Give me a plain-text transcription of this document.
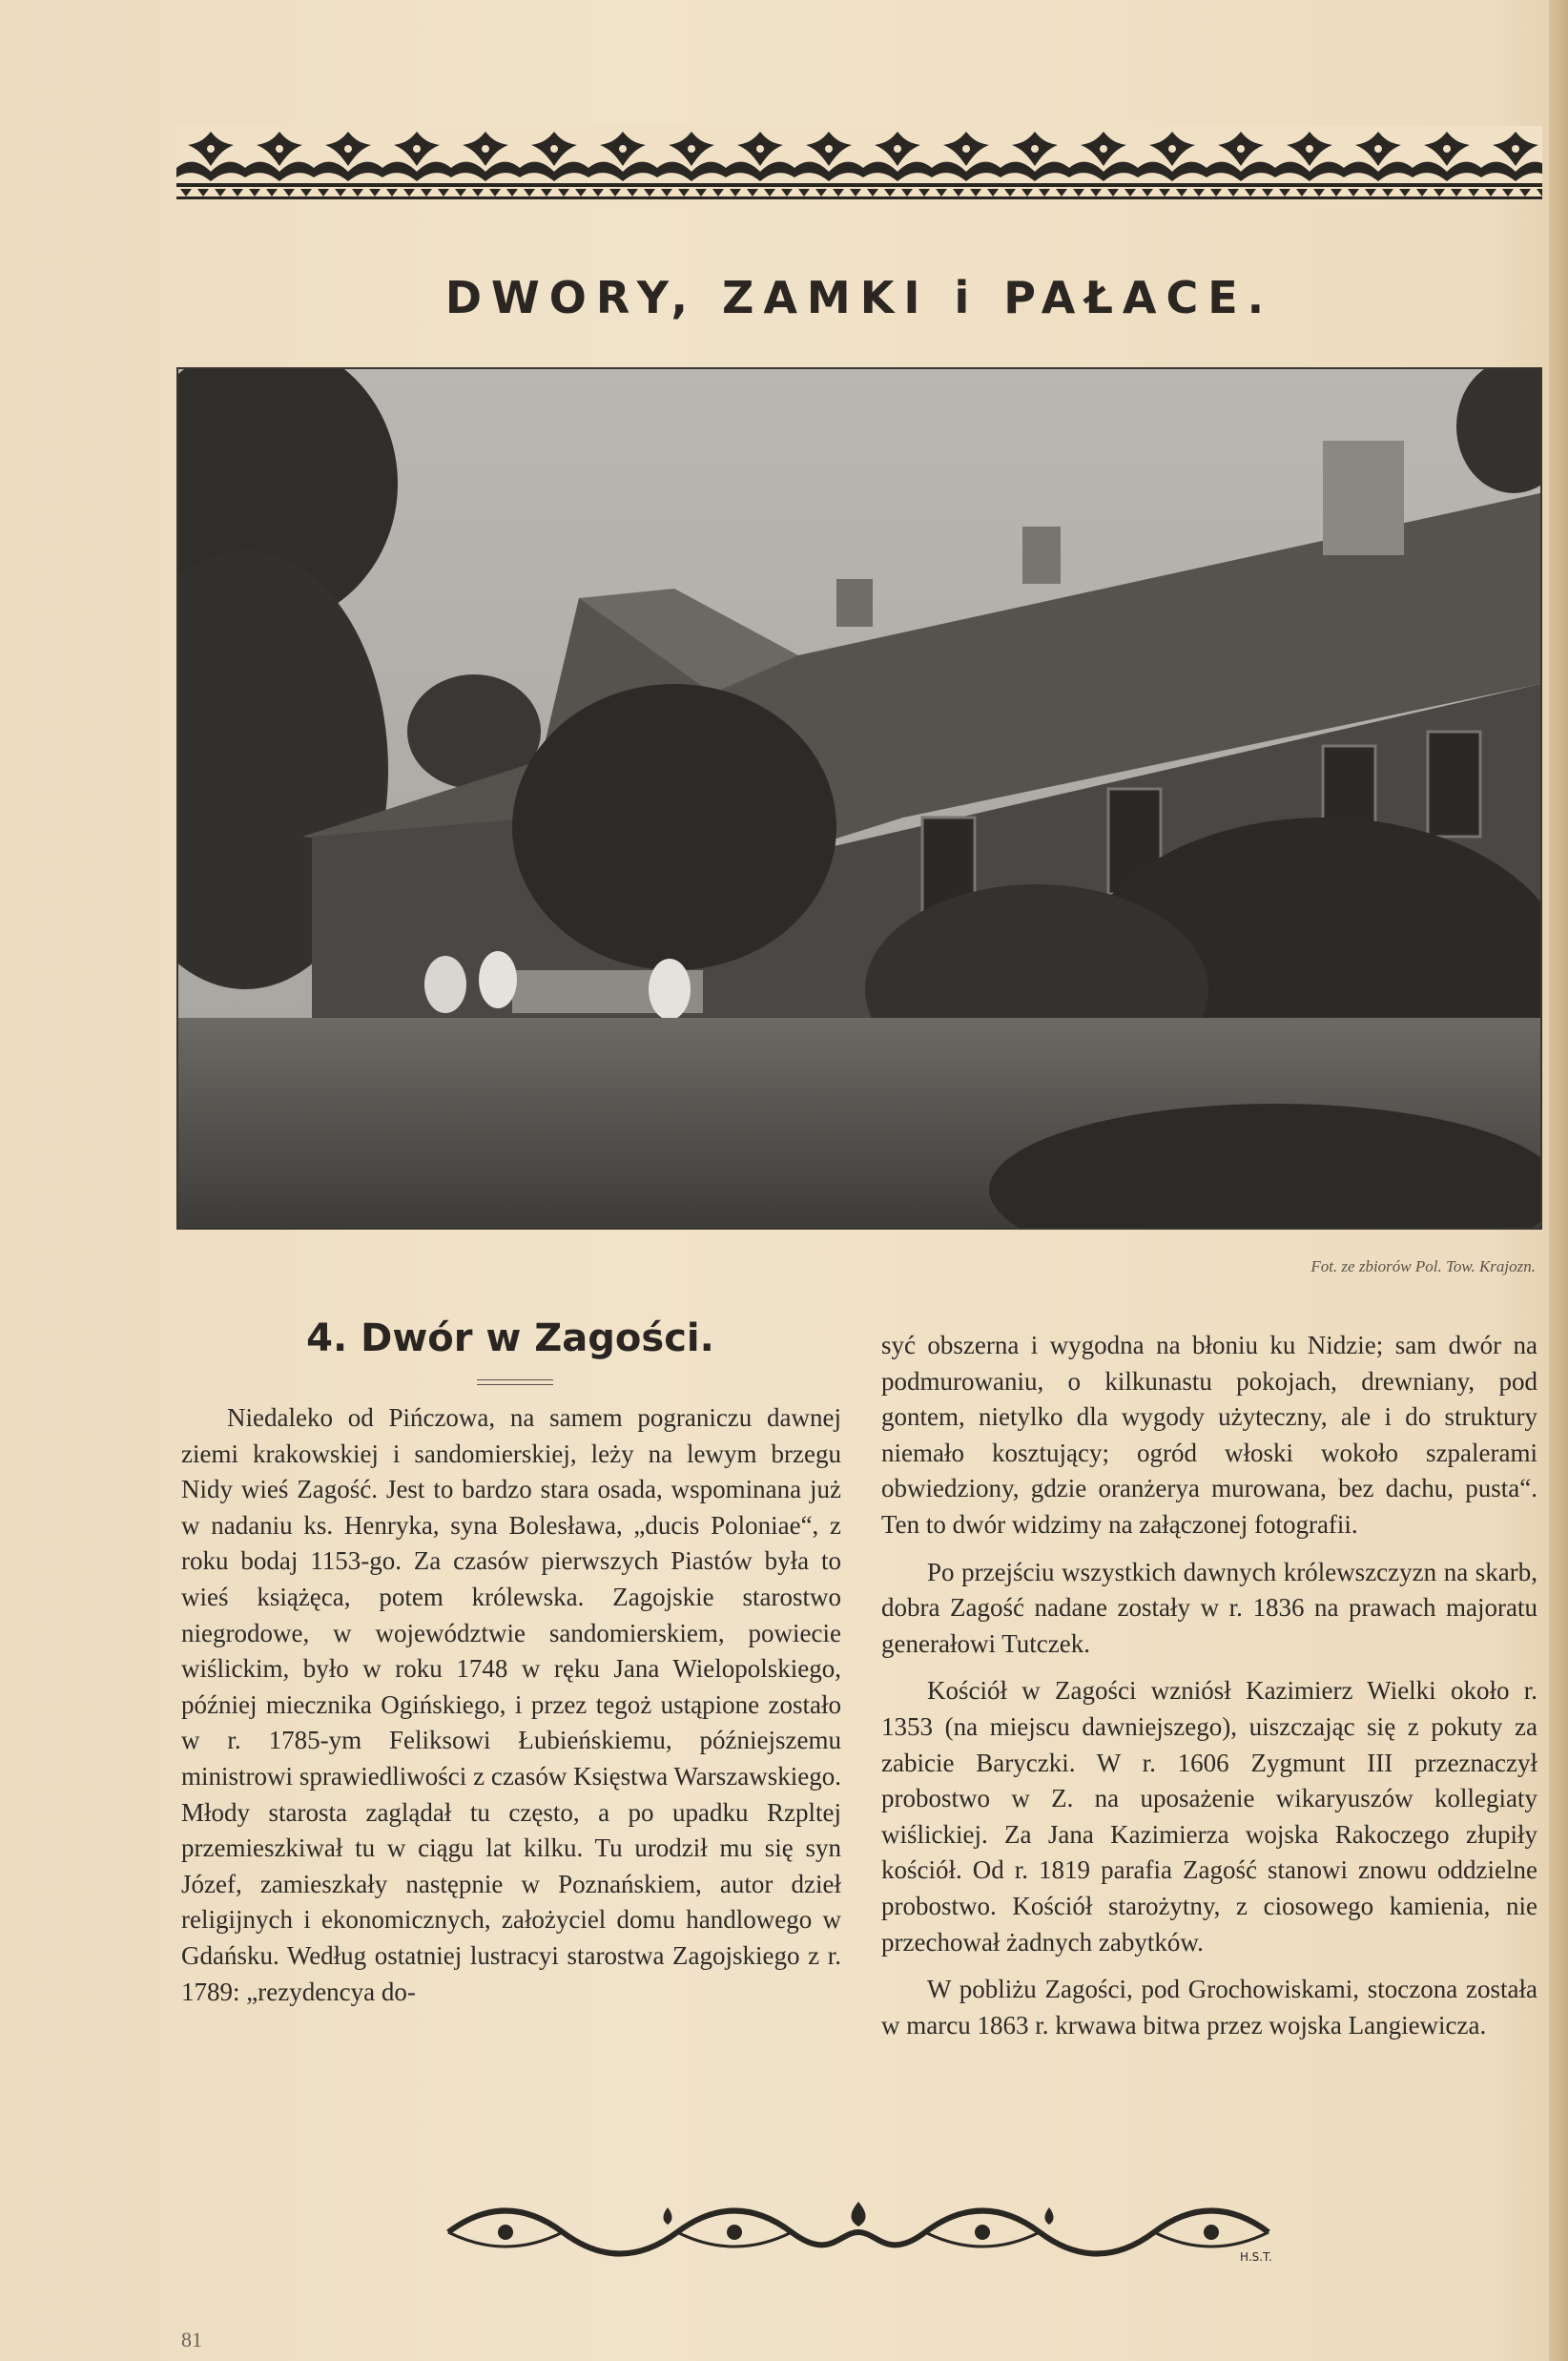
DWORY, ZAMKI i PAŁACE.
Fot. ze zbiorów Pol. Tow. Krajozn.
4. Dwór w Zagości.

Niedaleko od Pińczowa, na samem pograniczu dawnej ziemi krakowskiej i sandomierskiej, leży na lewym brzegu Nidy wieś Zagość. Jest to bardzo stara osada, wspominana już w nadaniu ks. Henryka, syna Bolesława, „ducis Poloniae“, z roku bodaj 1153-go. Za czasów pierwszych Piastów była to wieś książęca, potem królewska. Zagojskie starostwo niegrodowe, w województwie sandomierskiem, powiecie wiślickim, było w roku 1748 w ręku Jana Wielopolskiego, później miecznika Ogińskiego, i przez tegoż ustąpione zostało w r. 1785-ym Feliksowi Łubieńskiemu, późniejszemu ministrowi sprawiedliwości z czasów Księstwa Warszawskiego. Młody starosta zaglądał tu często, a po upadku Rzpltej przemieszkiwał tu w ciągu lat kilku. Tu urodził mu się syn Józef, zamieszkały następnie w Poznańskiem, autor dzieł religijnych i ekonomicznych, założyciel domu handlowego w Gdańsku. Według ostatniej lustracyi starostwa Zagojskiego z r. 1789: „rezydencya do-

syć obszerna i wygodna na błoniu ku Nidzie; sam dwór na podmurowaniu, o kilkunastu pokojach, drewniany, pod gontem, nietylko dla wygody użyteczny, ale i do struktury niemało kosztujący; ogród włoski wokoło szpalerami obwiedziony, gdzie oranżerya murowana, bez dachu, pusta“. Ten to dwór widzimy na załączonej fotografii.

Po przejściu wszystkich dawnych królewszczyzn na skarb, dobra Zagość nadane zostały w r. 1836 na prawach majoratu generałowi Tutczek.

Kościół w Zagości wzniósł Kazimierz Wielki około r. 1353 (na miejscu dawniejszego), uiszczając się z pokuty za zabicie Baryczki. W r. 1606 Zygmunt III przeznaczył probostwo w Z. na uposażenie wikaryuszów kollegiaty wiślickiej. Za Jana Kazimierza wojska Rakoczego złupiły kościół. Od r. 1819 parafia Zagość stanowi znowu oddzielne probostwo. Kościół starożytny, z ciosowego kamienia, nie przechował żadnych zabytków.

W pobliżu Zagości, pod Grochowiskami, stoczona została w marcu 1863 r. krwawa bitwa przez wojska Langiewicza.

H.S.T.
81
